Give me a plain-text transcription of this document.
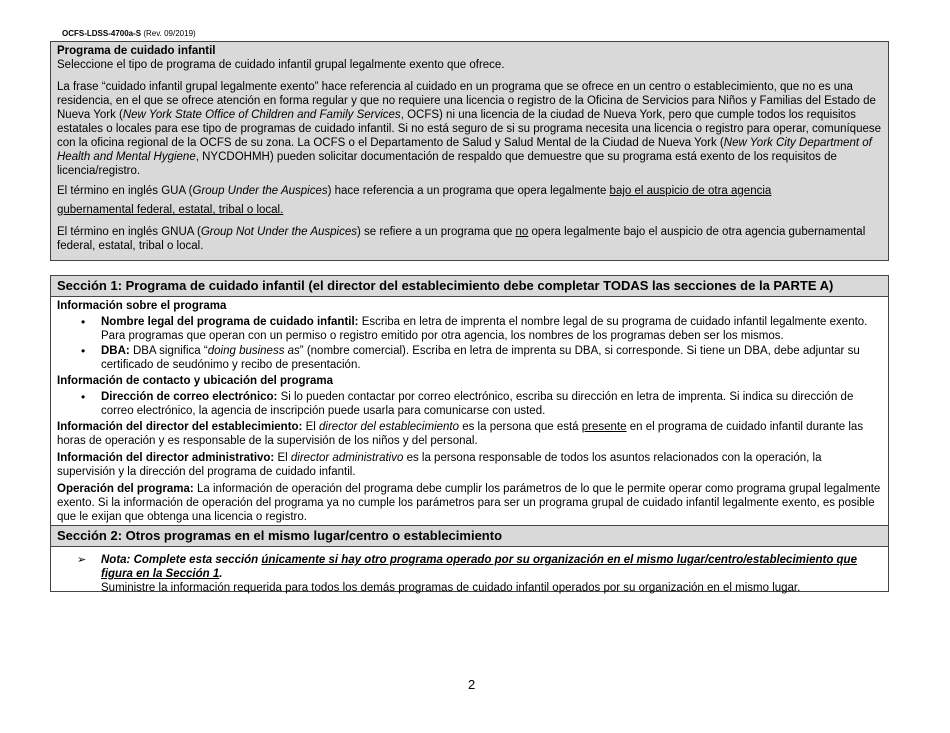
OCFS-LDSS-4700a-S (Rev. 09/2019)

Programa de cuidado infantil

Seleccione el tipo de programa de cuidado infantil grupal legalmente exento que ofrece.

La frase “cuidado infantil grupal legalmente exento” hace referencia al cuidado en un programa que se ofrece en un centro o establecimiento, que no es una residencia, en el que se ofrece atención en forma regular y que no requiere una licencia o registro de la Oficina de Servicios para Niños y Familias del Estado de Nueva York (New York State Office of Children and Family Services, OCFS) ni una licencia de la ciudad de Nueva York, pero que cumple todos los requisitos estatales o locales para ese tipo de programas de cuidado infantil. Si no está seguro de si su programa necesita una licencia o registro para operar, comuníquese con la oficina regional de la OCFS de su zona. La OCFS o el Departamento de Salud y Salud Mental de la Ciudad de Nueva York (New York City Department of Health and Mental Hygiene, NYCDOHMH) pueden solicitar documentación de respaldo que demuestre que su programa está exento de los requisitos de licencia/registro.

El término en inglés GUA (Group Under the Auspices) hace referencia a un programa que opera legalmente bajo el auspicio de otra agencia

gubernamental federal, estatal, tribal o local.

El término en inglés GNUA (Group Not Under the Auspices) se refiere a un programa que no opera legalmente bajo el auspicio de otra agencia gubernamental federal, estatal, tribal o local.

Sección 1: Programa de cuidado infantil (el director del establecimiento debe completar TODAS las secciones de la PARTE A)

Información sobre el programa

• Nombre legal del programa de cuidado infantil: Escriba en letra de imprenta el nombre legal de su programa de cuidado infantil legalmente exento. Para programas que operan con un permiso o registro emitido por otra agencia, los nombres de los programas deben ser los mismos.
• DBA: DBA significa “doing business as” (nombre comercial). Escriba en letra de imprenta su DBA, si corresponde. Si tiene un DBA, debe adjuntar su certificado de seudónimo y recibo de presentación.

Información de contacto y ubicación del programa

• Dirección de correo electrónico: Si lo pueden contactar por correo electrónico, escriba su dirección en letra de imprenta. Si indica su dirección de correo electrónico, la agencia de inscripción puede usarla para comunicarse con usted.

Información del director del establecimiento: El director del establecimiento es la persona que está presente en el programa de cuidado infantil durante las horas de operación y es responsable de la supervisión de los niños y del personal.

Información del director administrativo: El director administrativo es la persona responsable de todos los asuntos relacionados con la operación, la supervisión y la dirección del programa de cuidado infantil.

Operación del programa: La información de operación del programa debe cumplir los parámetros de lo que le permite operar como programa grupal legalmente exento. Si la información de operación del programa ya no cumple los parámetros para ser un programa grupal de cuidado infantil legalmente exento, es posible que le exijan que obtenga una licencia o registro.

Sección 2: Otros programas en el mismo lugar/centro o establecimiento
➢ Nota: Complete esta sección únicamente si hay otro programa operado por su organización en el mismo lugar/centro/establecimiento que figura en la Sección 1.
Suministre la información requerida para todos los demás programas de cuidado infantil operados por su organización en el mismo lugar.
2
